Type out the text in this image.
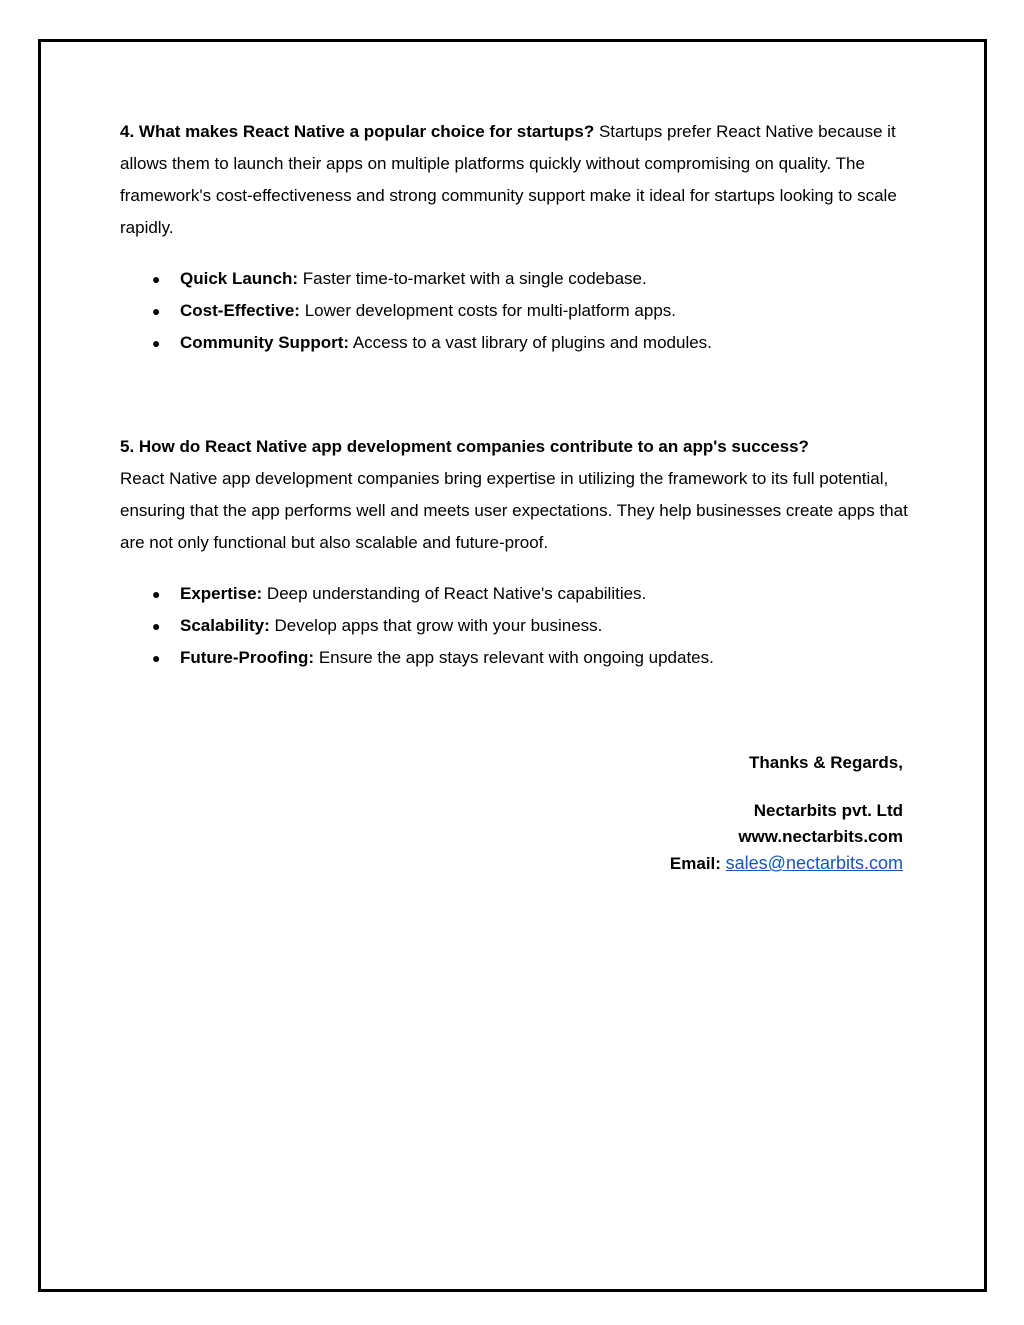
4. What makes React Native a popular choice for startups? Startups prefer React Native because it allows them to launch their apps on multiple platforms quickly without compromising on quality. The framework's cost-effectiveness and strong community support make it ideal for startups looking to scale rapidly.

● Quick Launch: Faster time-to-market with a single codebase.
● Cost-Effective: Lower development costs for multi-platform apps.
● Community Support: Access to a vast library of plugins and modules.

5. How do React Native app development companies contribute to an app's success?
React Native app development companies bring expertise in utilizing the framework to its full potential, ensuring that the app performs well and meets user expectations. They help businesses create apps that are not only functional but also scalable and future-proof.

● Expertise: Deep understanding of React Native's capabilities.
● Scalability: Develop apps that grow with your business.
● Future-Proofing: Ensure the app stays relevant with ongoing updates.
Thanks & Regards,
Nectarbits pvt. Ltd
www.nectarbits.com
Email: sales@nectarbits.com
